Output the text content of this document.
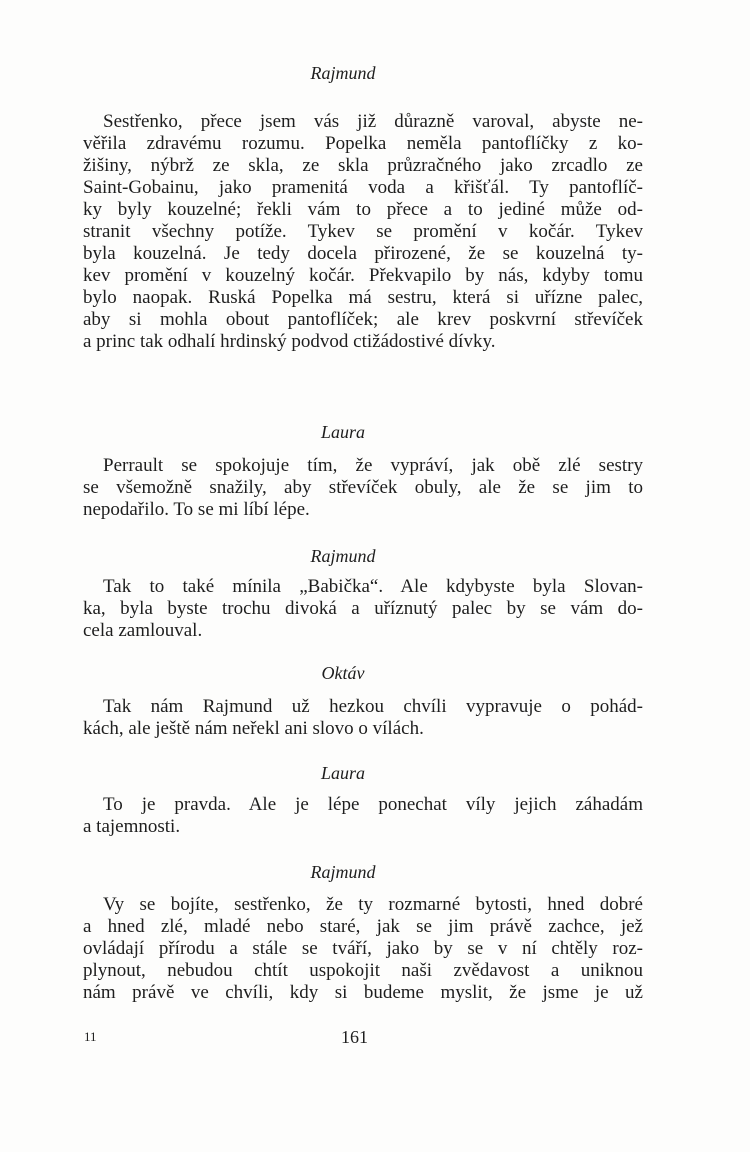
Rajmund
Sestřenko, přece jsem vás již důrazně varoval, abyste ne-
věřila zdravému rozumu. Popelka neměla pantoflíčky z ko-
žišiny, nýbrž ze skla, ze skla průzračného jako zrcadlo ze
Saint-Gobainu, jako pramenitá voda a křišťál. Ty pantoflíč-
ky byly kouzelné; řekli vám to přece a to jediné může od-
stranit všechny potíže. Tykev se promění v kočár. Tykev
byla kouzelná. Je tedy docela přirozené, že se kouzelná ty-
kev promění v kouzelný kočár. Překvapilo by nás, kdyby tomu
bylo naopak. Ruská Popelka má sestru, která si uřízne palec,
aby si mohla obout pantoflíček; ale krev poskvrní střevíček
a princ tak odhalí hrdinský podvod ctižádostivé dívky.
Laura
Perrault se spokojuje tím, že vypráví, jak obě zlé sestry
se všemožně snažily, aby střevíček obuly, ale že se jim to
nepodařilo. To se mi líbí lépe.
Rajmund
Tak to také mínila „Babička“. Ale kdybyste byla Slovan-
ka, byla byste trochu divoká a uříznutý palec by se vám do-
cela zamlouval.
Oktáv
Tak nám Rajmund už hezkou chvíli vypravuje o pohád-
kách, ale ještě nám neřekl ani slovo o vílách.
Laura
To je pravda. Ale je lépe ponechat víly jejich záhadám
a tajemnosti.
Rajmund
Vy se bojíte, sestřenko, že ty rozmarné bytosti, hned dobré
a hned zlé, mladé nebo staré, jak se jim právě zachce, jež
ovládají přírodu a stále se tváří, jako by se v ní chtěly roz-
plynout, nebudou chtít uspokojit naši zvědavost a uniknou
nám právě ve chvíli, kdy si budeme myslit, že jsme je už
11	161
